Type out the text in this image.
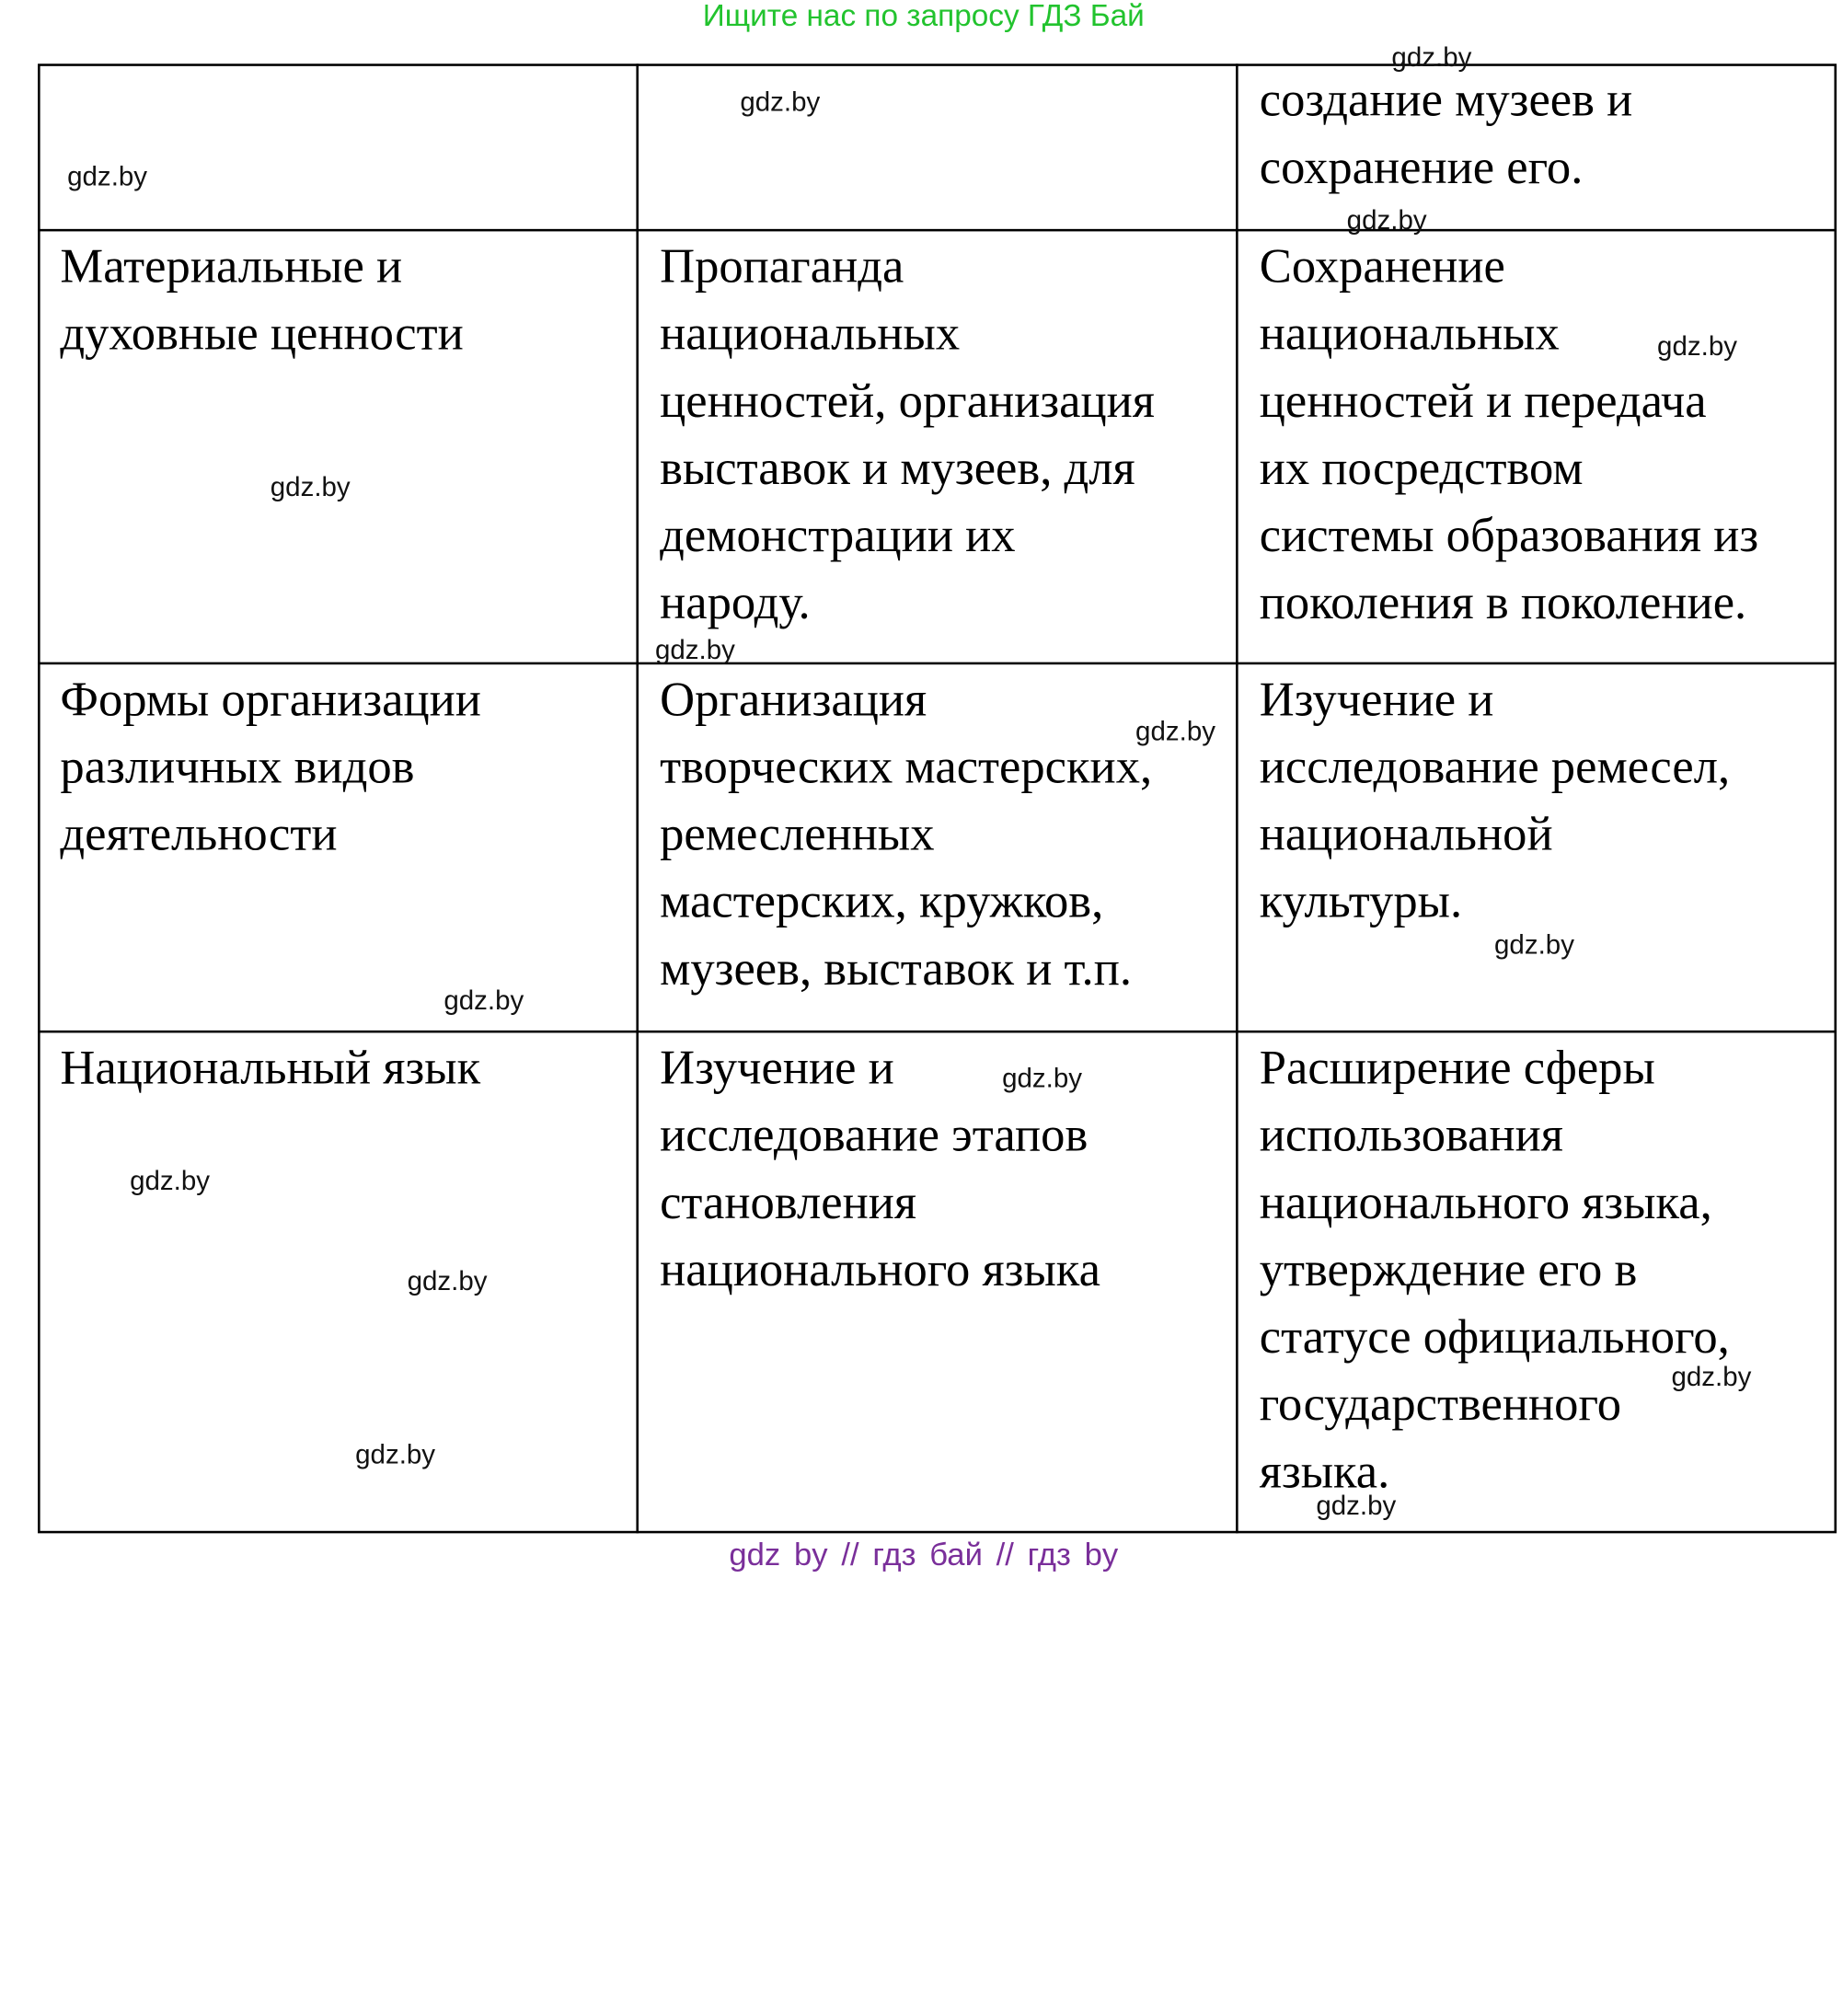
Ищите нас по запросу ГДЗ Бай
создание музеев и
сохранение его.
Материальные и
духовные ценности
Пропаганда
национальных
ценностей, организация
выставок и музеев, для
демонстрации их
народу.
Сохранение
национальных
ценностей и передача
их посредством
системы образования из
поколения в поколение.
Формы организации
различных видов
деятельности
Организация
творческих мастерских,
ремесленных
мастерских, кружков,
музеев, выставок и т.п.
Изучение и
исследование ремесел,
национальной
культуры.
Национальный язык	Изучение и
исследование этапов
становления
национального языка
Расширение сферы
использования
национального языка,
утверждение его в
статусе официального,
государственного
языка.
gdz.by
gdz.by
gdz.by
gdz.by
gdz.by
gdz.by
gdz.by
gdz.by
gdz.by
gdz.by
gdz.by
gdz.by
gdz.by
gdz.by
gdz.by
gdz.by
gdz by // гдз бай // гдз by
